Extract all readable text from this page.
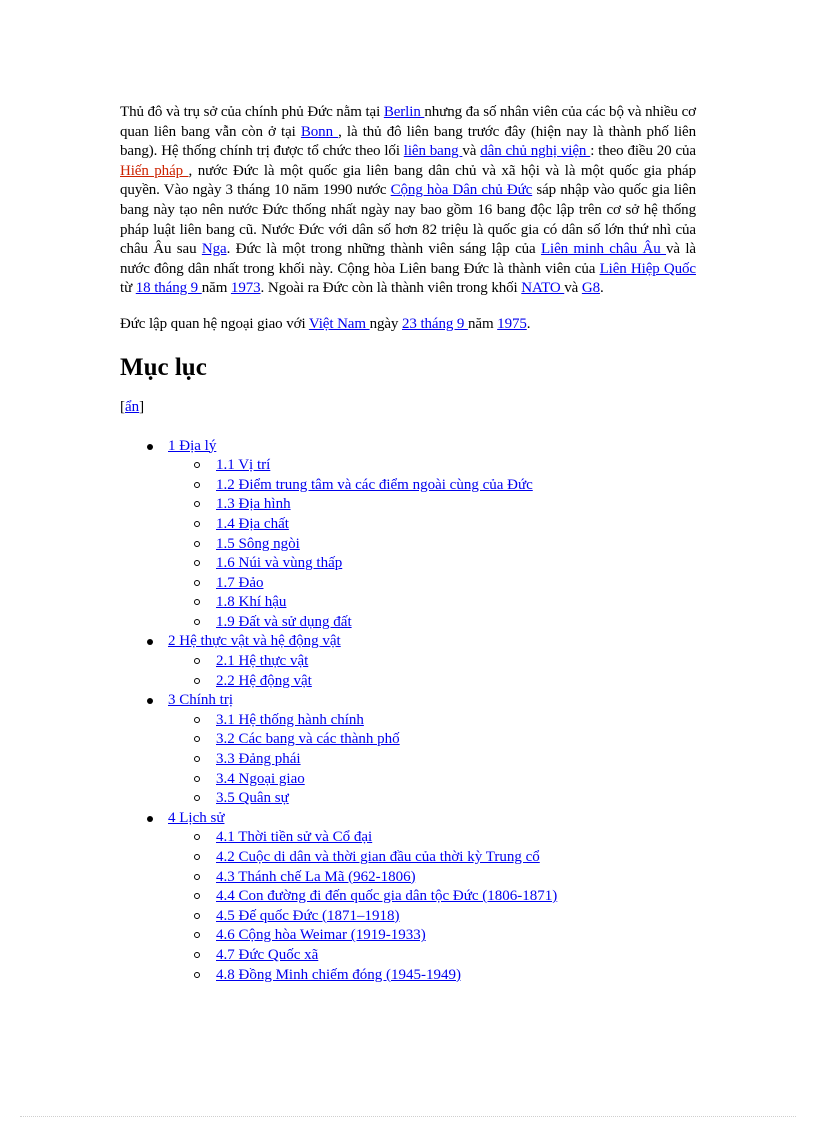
Thủ đô và trụ sở của chính phủ Đức nằm tại Berlin nhưng đa số nhân viên của các bộ và nhiều cơ quan liên bang vẫn còn ở tại Bonn , là thủ đô liên bang trước đây (hiện nay là thành phố liên bang). Hệ thống chính trị được tổ chức theo lối liên bang và dân chủ nghị viện : theo điều 20 của Hiến pháp , nước Đức là một quốc gia liên bang dân chủ và xã hội và là một quốc gia pháp quyền. Vào ngày 3 tháng 10 năm 1990 nước Cộng hòa Dân chủ Đức sáp nhập vào quốc gia liên bang này tạo nên nước Đức thống nhất ngày nay bao gồm 16 bang độc lập trên cơ sở hệ thống pháp luật liên bang cũ. Nước Đức với dân số hơn 82 triệu là quốc gia có dân số lớn thứ nhì của châu Âu sau Nga. Đức là một trong những thành viên sáng lập của Liên minh châu Âu và là nước đông dân nhất trong khối này. Cộng hòa Liên bang Đức là thành viên của Liên Hiệp Quốc từ 18 tháng 9 năm 1973. Ngoài ra Đức còn là thành viên trong khối NATO và G8.

Đức lập quan hệ ngoại giao với Việt Nam ngày 23 tháng 9 năm 1975.

Mục lục
[ẩn]
1 Địa lý
1.1 Vị trí
1.2 Điểm trung tâm và các điểm ngoài cùng của Đức
1.3 Địa hình
1.4 Địa chất
1.5 Sông ngòi
1.6 Núi và vùng thấp
1.7 Đảo
1.8 Khí hậu
1.9 Đất và sử dụng đất
2 Hệ thực vật và hệ động vật
2.1 Hệ thực vật
2.2 Hệ động vật
3 Chính trị
3.1 Hệ thống hành chính
3.2 Các bang và các thành phố
3.3 Đảng phái
3.4 Ngoại giao
3.5 Quân sự
4 Lịch sử
4.1 Thời tiền sử và Cổ đại
4.2 Cuộc di dân và thời gian đầu của thời kỳ Trung cổ
4.3 Thánh chế La Mã (962-1806)
4.4 Con đường đi đến quốc gia dân tộc Đức (1806-1871)
4.5 Đế quốc Đức (1871–1918)
4.6 Cộng hòa Weimar (1919-1933)
4.7 Đức Quốc xã
4.8 Đồng Minh chiếm đóng (1945-1949)
